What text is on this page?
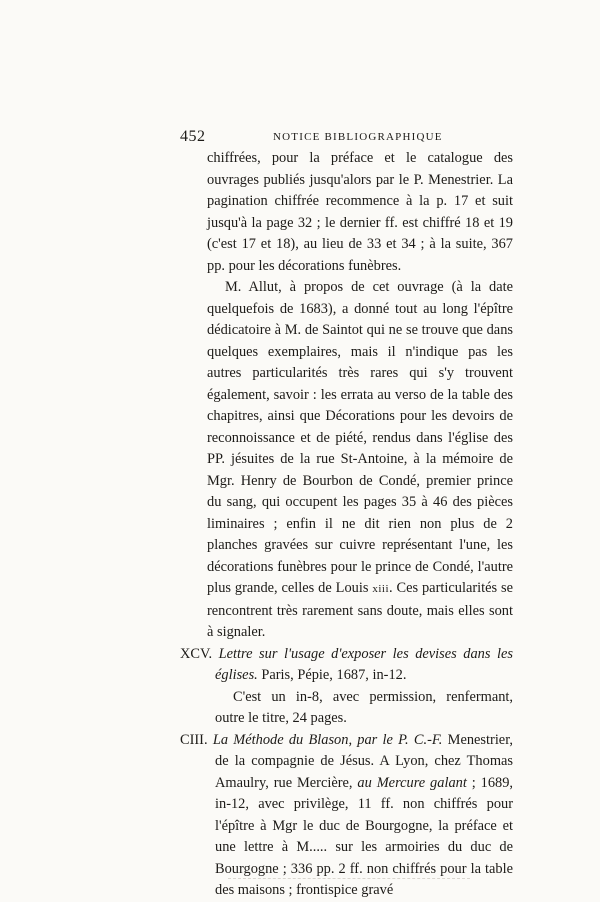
452	NOTICE BIBLIOGRAPHIQUE

chiffrées, pour la préface et le catalogue des ouvrages publiés jusqu'alors par le P. Menestrier. La pagination chiffrée recommence à la p. 17 et suit jusqu'à la page 32 ; le dernier ff. est chiffré 18 et 19 (c'est 17 et 18), au lieu de 33 et 34 ; à la suite, 367 pp. pour les décorations funèbres.

M. Allut, à propos de cet ouvrage (à la date quelquefois de 1683), a donné tout au long l'épître dédicatoire à M. de Saintot qui ne se trouve que dans quelques exemplaires, mais il n'indique pas les autres particularités très rares qui s'y trouvent également, savoir : les errata au verso de la table des chapitres, ainsi que Décorations pour les devoirs de reconnoissance et de piété, rendus dans l'église des PP. jésuites de la rue St-Antoine, à la mémoire de Mgr. Henry de Bourbon de Condé, premier prince du sang, qui occupent les pages 35 à 46 des pièces liminaires ; enfin il ne dit rien non plus de 2 planches gravées sur cuivre représentant l'une, les décorations funèbres pour le prince de Condé, l'autre plus grande, celles de Louis xiii. Ces particularités se rencontrent très rarement sans doute, mais elles sont à signaler.

XCV. Lettre sur l'usage d'exposer les devises dans les églises. Paris, Pépie, 1687, in-12.

C'est un in-8, avec permission, renfermant, outre le titre, 24 pages.

CIII. La Méthode du Blason, par le P. C.-F. Menestrier, de la compagnie de Jésus. A Lyon, chez Thomas Amaulry, rue Mercière, au Mercure galant ; 1689, in-12, avec privilège, 11 ff. non chiffrés pour l'épître à Mgr le duc de Bourgogne, la préface et une lettre à M..... sur les armoiries du duc de Bourgogne ; 336 pp. 2 ff. non chiffrés pour la table des maisons ; frontispice gravé
